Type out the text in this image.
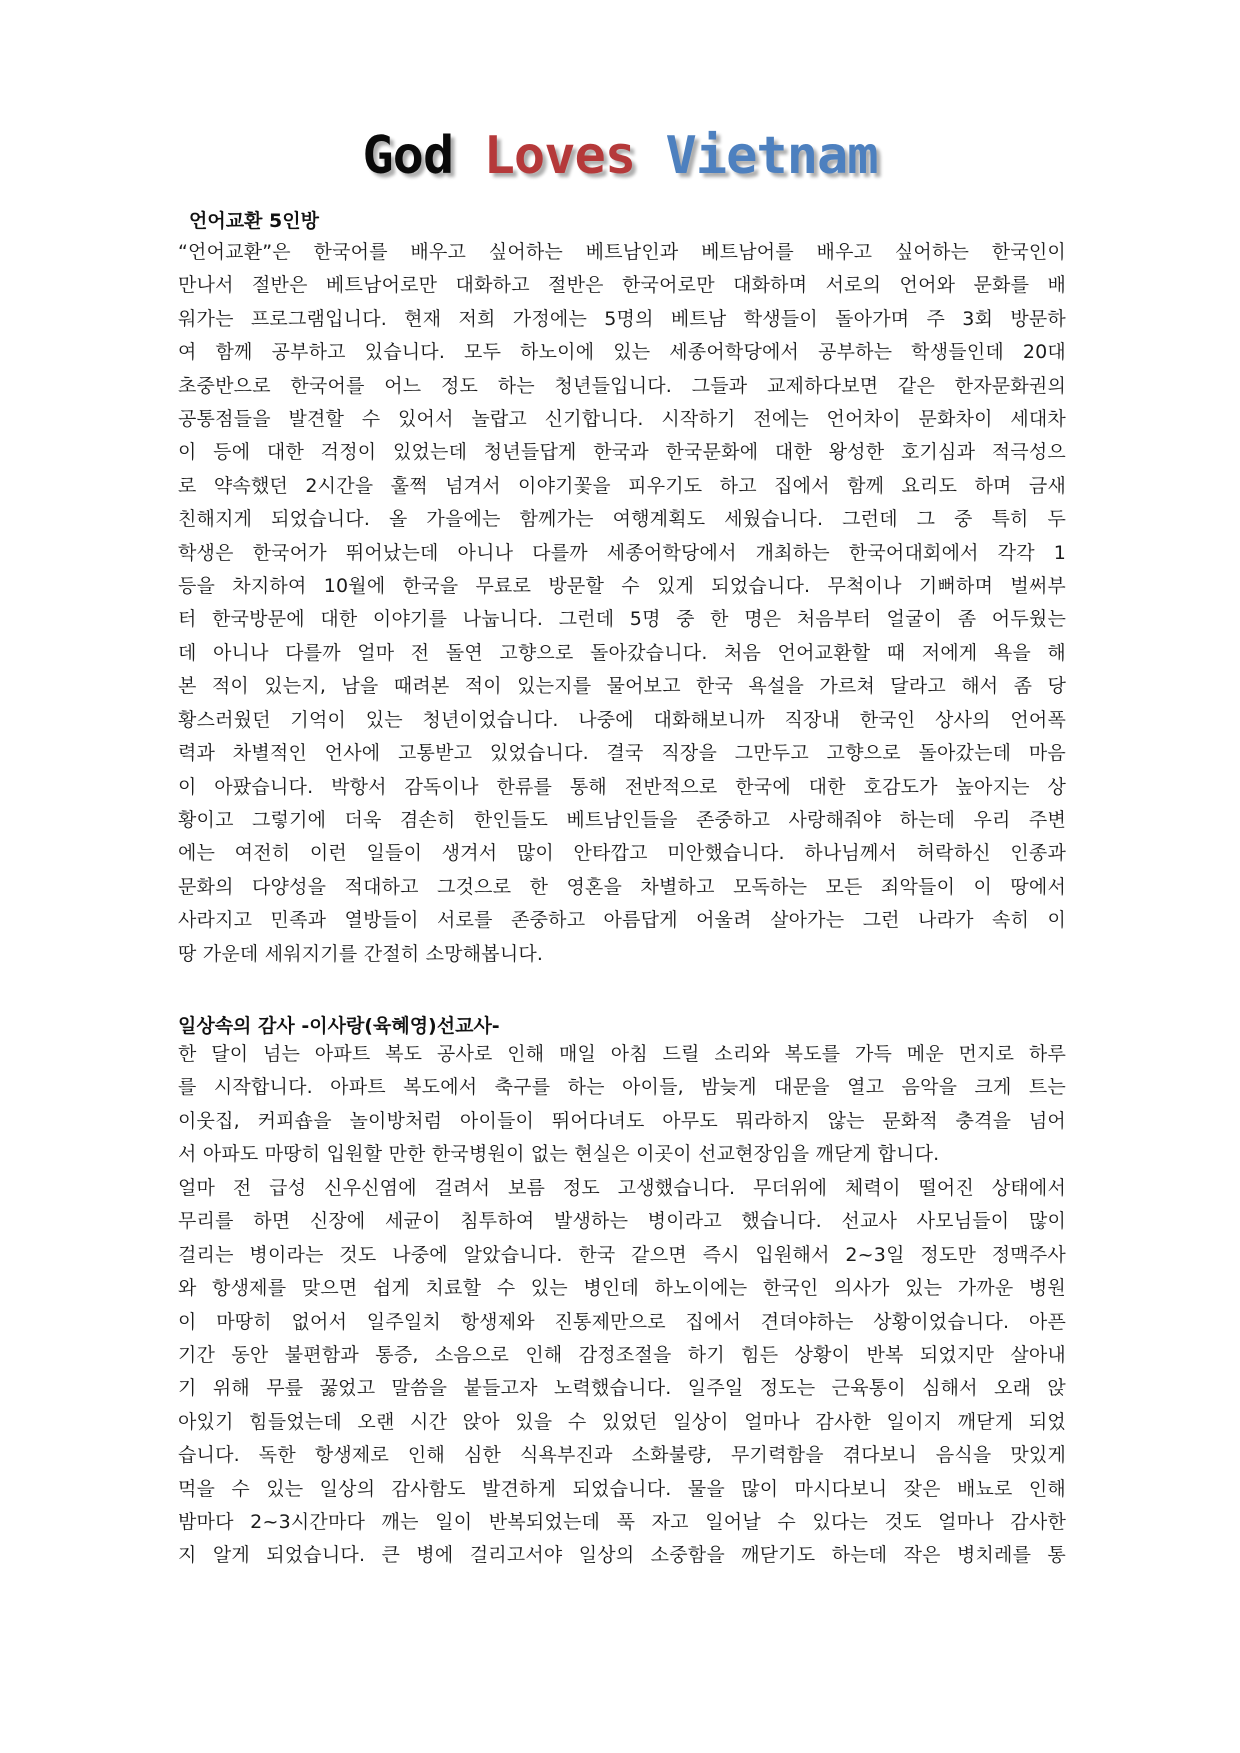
God Loves Vietnam
언어교환 5인방
“언어교환”은 한국어를 배우고 싶어하는 베트남인과 베트남어를 배우고 싶어하는 한국인이
만나서 절반은 베트남어로만 대화하고 절반은 한국어로만 대화하며 서로의 언어와 문화를 배
워가는 프로그램입니다. 현재 저희 가정에는 5명의 베트남 학생들이 돌아가며 주 3회 방문하
여 함께 공부하고 있습니다. 모두 하노이에 있는 세종어학당에서 공부하는 학생들인데 20대
초중반으로 한국어를 어느 정도 하는 청년들입니다. 그들과 교제하다보면 같은 한자문화권의
공통점들을 발견할 수 있어서 놀랍고 신기합니다. 시작하기 전에는 언어차이 문화차이 세대차
이 등에 대한 걱정이 있었는데 청년들답게 한국과 한국문화에 대한 왕성한 호기심과 적극성으
로 약속했던 2시간을 훌쩍 넘겨서 이야기꽃을 피우기도 하고 집에서 함께 요리도 하며 금새
친해지게 되었습니다. 올 가을에는 함께가는 여행계획도 세웠습니다. 그런데 그 중 특히 두
학생은 한국어가 뛰어났는데 아니나 다를까 세종어학당에서 개최하는 한국어대회에서 각각 1
등을 차지하여 10월에 한국을 무료로 방문할 수 있게 되었습니다. 무척이나 기뻐하며 벌써부
터 한국방문에 대한 이야기를 나눕니다. 그런데 5명 중 한 명은 처음부터 얼굴이 좀 어두웠는
데 아니나 다를까 얼마 전 돌연 고향으로 돌아갔습니다. 처음 언어교환할 때 저에게 욕을 해
본 적이 있는지, 남을 때려본 적이 있는지를 물어보고 한국 욕설을 가르쳐 달라고 해서 좀 당
황스러웠던 기억이 있는 청년이었습니다. 나중에 대화해보니까 직장내 한국인 상사의 언어폭
력과 차별적인 언사에 고통받고 있었습니다. 결국 직장을 그만두고 고향으로 돌아갔는데 마음
이 아팠습니다. 박항서 감독이나 한류를 통해 전반적으로 한국에 대한 호감도가 높아지는 상
황이고 그렇기에 더욱 겸손히 한인들도 베트남인들을 존중하고 사랑해줘야 하는데 우리 주변
에는 여전히 이런 일들이 생겨서 많이 안타깝고 미안했습니다. 하나님께서 허락하신 인종과
문화의 다양성을 적대하고 그것으로 한 영혼을 차별하고 모독하는 모든 죄악들이 이 땅에서
사라지고 민족과 열방들이 서로를 존중하고 아름답게 어울려 살아가는 그런 나라가 속히 이
땅 가운데 세워지기를 간절히 소망해봅니다.
일상속의 감사 -이사랑(육혜영)선교사-
한 달이 넘는 아파트 복도 공사로 인해 매일 아침 드릴 소리와 복도를 가득 메운 먼지로 하루
를 시작합니다. 아파트 복도에서 축구를 하는 아이들, 밤늦게 대문을 열고 음악을 크게 트는
이웃집, 커피숍을 놀이방처럼 아이들이 뛰어다녀도 아무도 뭐라하지 않는 문화적 충격을 넘어
서 아파도 마땅히 입원할 만한 한국병원이 없는 현실은 이곳이 선교현장임을 깨닫게 합니다.
얼마 전 급성 신우신염에 걸려서 보름 정도 고생했습니다. 무더위에 체력이 떨어진 상태에서
무리를 하면 신장에 세균이 침투하여 발생하는 병이라고 했습니다. 선교사 사모님들이 많이
걸리는 병이라는 것도 나중에 알았습니다. 한국 같으면 즉시 입원해서 2~3일 정도만 정맥주사
와 항생제를 맞으면 쉽게 치료할 수 있는 병인데 하노이에는 한국인 의사가 있는 가까운 병원
이 마땅히 없어서 일주일치 항생제와 진통제만으로 집에서 견뎌야하는 상황이었습니다. 아픈
기간 동안 불편함과 통증, 소음으로 인해 감정조절을 하기 힘든 상황이 반복 되었지만 살아내
기 위해 무릎 꿇었고 말씀을 붙들고자 노력했습니다. 일주일 정도는 근육통이 심해서 오래 앉
아있기 힘들었는데 오랜 시간 앉아 있을 수 있었던 일상이 얼마나 감사한 일이지 깨닫게 되었
습니다. 독한 항생제로 인해 심한 식욕부진과 소화불량, 무기력함을 겪다보니 음식을 맛있게
먹을 수 있는 일상의 감사함도 발견하게 되었습니다. 물을 많이 마시다보니 잦은 배뇨로 인해
밤마다 2~3시간마다 깨는 일이 반복되었는데 푹 자고 일어날 수 있다는 것도 얼마나 감사한
지 알게 되었습니다. 큰 병에 걸리고서야 일상의 소중함을 깨닫기도 하는데 작은 병치레를 통
